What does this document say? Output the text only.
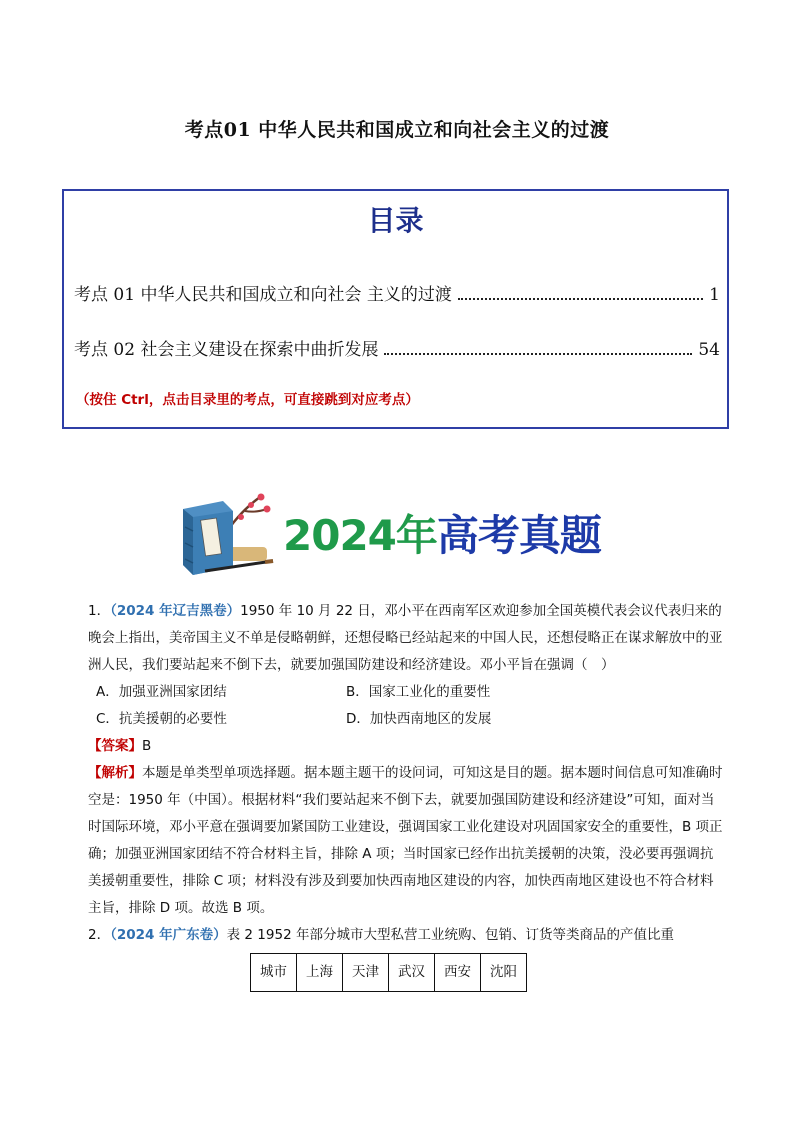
考点01 中华人民共和国成立和向社会主义的过渡
目录
考点 01 中华人民共和国成立和向社会 主义的过渡	1
考点 02 社会主义建设在探索中曲折发展	54
（按住 Ctrl，点击目录里的考点，可直接跳到对应考点）
2024年高考真题
1．（2024 年辽吉黑卷）1950 年 10 月 22 日，邓小平在西南军区欢迎参加全国英模代表会议代表归来的晚会上指出，美帝国主义不单是侵略朝鲜，还想侵略已经站起来的中国人民，还想侵略正在谋求解放中的亚洲人民，我们要站起来不倒下去，就要加强国防建设和经济建设。邓小平旨在强调（　）
A．加强亚洲国家团结	B．国家工业化的重要性
C．抗美援朝的必要性	D．加快西南地区的发展
【答案】B
【解析】本题是单类型单项选择题。据本题主题干的设问词，可知这是目的题。据本题时间信息可知准确时空是：1950 年（中国）。根据材料“我们要站起来不倒下去，就要加强国防建设和经济建设”可知，面对当时国际环境，邓小平意在强调要加紧国防工业建设，强调国家工业化建设对巩固国家安全的重要性，B 项正确；加强亚洲国家团结不符合材料主旨，排除 A 项；当时国家已经作出抗美援朝的决策，没必要再强调抗美援朝重要性，排除 C 项；材料没有涉及到要加快西南地区建设的内容，加快西南地区建设也不符合材料主旨，排除 D 项。故选 B 项。
2．（2024 年广东卷）表 2 1952 年部分城市大型私营工业统购、包销、订货等类商品的产值比重
城市	上海	天津	武汉	西安	沈阳
